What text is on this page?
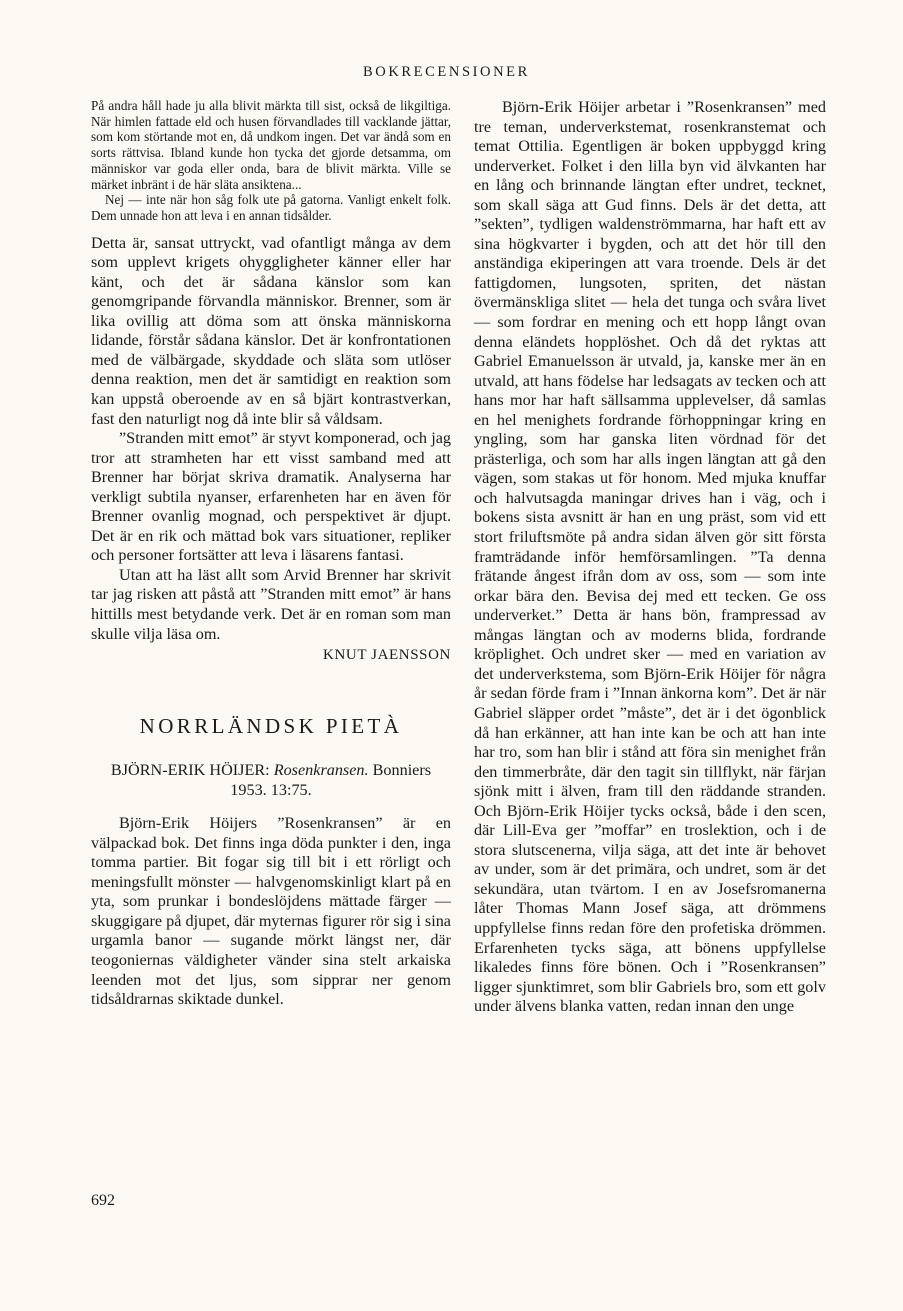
BOKRECENSIONER

På andra håll hade ju alla blivit märkta till sist, också de likgiltiga. När himlen fattade eld och husen förvandlades till vacklande jättar, som kom störtande mot en, då undkom ingen. Det var ändå som en sorts rättvisa. Ibland kunde hon tycka det gjorde detsamma, om människor var goda eller onda, bara de blivit märkta. Ville se märket inbränt i de här släta ansiktena...

Nej — inte när hon såg folk ute på gatorna. Vanligt enkelt folk. Dem unnade hon att leva i en annan tidsålder.

Detta är, sansat uttryckt, vad ofantligt många av dem som upplevt krigets ohyggligheter känner eller har känt, och det är sådana känslor som kan genomgripande förvandla människor. Brenner, som är lika ovillig att döma som att önska människorna lidande, förstår sådana känslor. Det är konfrontationen med de välbärgade, skyddade och släta som utlöser denna reaktion, men det är samtidigt en reaktion som kan uppstå oberoende av en så bjärt kontrastverkan, fast den naturligt nog då inte blir så våldsam.

”Stranden mitt emot” är styvt komponerad, och jag tror att stramheten har ett visst samband med att Brenner har börjat skriva dramatik. Analyserna har verkligt subtila nyanser, erfarenheten har en även för Brenner ovanlig mognad, och perspektivet är djupt. Det är en rik och mättad bok vars situationer, repliker och personer fortsätter att leva i läsarens fantasi.

Utan att ha läst allt som Arvid Brenner har skrivit tar jag risken att påstå att ”Stranden mitt emot” är hans hittills mest betydande verk. Det är en roman som man skulle vilja läsa om.

KNUT JAENSSON

NORRLÄNDSK PIETÀ

BJÖRN-ERIK HÖIJER: Rosenkransen. Bonniers 1953. 13:75.

Björn-Erik Höijers ”Rosenkransen” är en välpackad bok. Det finns inga döda punkter i den, inga tomma partier. Bit fogar sig till bit i ett rörligt och meningsfullt mönster — halvgenomskinligt klart på en yta, som prunkar i bondeslöjdens mättade färger — skuggigare på djupet, där myternas figurer rör sig i sina urgamla banor — sugande mörkt längst ner, där teogoniernas väldigheter vänder sina stelt arkaiska leenden mot det ljus, som sipprar ner genom tidsåldrarnas skiktade dunkel.

Björn-Erik Höijer arbetar i ”Rosenkransen” med tre teman, underverkstemat, rosenkranstemat och temat Ottilia. Egentligen är boken uppbyggd kring underverket. Folket i den lilla byn vid älvkanten har en lång och brinnande längtan efter undret, tecknet, som skall säga att Gud finns. Dels är det detta, att ”sekten”, tydligen waldenströmmarna, har haft ett av sina högkvarter i bygden, och att det hör till den anständiga ekiperingen att vara troende. Dels är det fattigdomen, lungsoten, spriten, det nästan övermänskliga slitet — hela det tunga och svåra livet — som fordrar en mening och ett hopp långt ovan denna eländets hopplöshet. Och då det ryktas att Gabriel Emanuelsson är utvald, ja, kanske mer än en utvald, att hans födelse har ledsagats av tecken och att hans mor har haft sällsamma upplevelser, då samlas en hel menighets fordrande förhoppningar kring en yngling, som har ganska liten vördnad för det prästerliga, och som har alls ingen längtan att gå den vägen, som stakas ut för honom. Med mjuka knuffar och halvutsagda maningar drives han i väg, och i bokens sista avsnitt är han en ung präst, som vid ett stort friluftsmöte på andra sidan älven gör sitt första framträdande inför hemförsamlingen. ”Ta denna frätande ångest ifrån dom av oss, som — som inte orkar bära den. Bevisa dej med ett tecken. Ge oss underverket.” Detta är hans bön, frampressad av mångas längtan och av moderns blida, fordrande kröplighet. Och undret sker — med en variation av det underverkstema, som Björn-Erik Höijer för några år sedan förde fram i ”Innan änkorna kom”. Det är när Gabriel släpper ordet ”måste”, det är i det ögonblick då han erkänner, att han inte kan be och att han inte har tro, som han blir i stånd att föra sin menighet från den timmerbråte, där den tagit sin tillflykt, när färjan sjönk mitt i älven, fram till den räddande stranden. Och Björn-Erik Höijer tycks också, både i den scen, där Lill-Eva ger ”moffar” en troslektion, och i de stora slutscenerna, vilja säga, att det inte är behovet av under, som är det primära, och undret, som är det sekundära, utan tvärtom. I en av Josefsromanerna låter Thomas Mann Josef säga, att drömmens uppfyllelse finns redan före den profetiska drömmen. Erfarenheten tycks säga, att bönens uppfyllelse likaledes finns före bönen. Och i ”Rosenkransen” ligger sjunktimret, som blir Gabriels bro, som ett golv under älvens blanka vatten, redan innan den unge

692
